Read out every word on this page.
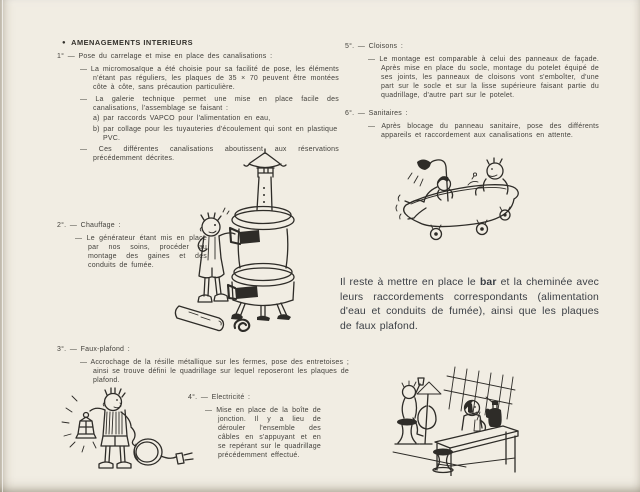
● AMENAGEMENTS INTERIEURS
1° — Pose du carrelage et mise en place des canalisations :

— La micromosaïque a été choisie pour sa facilité de pose, les éléments n'étant pas réguliers, les plaques de 35 × 70 peuvent être montées côte à côte, sans précaution particulière.

— La galerie technique permet une mise en place facile des canalisations, l'assemblage se faisant :

a) par raccords VAPCO pour l'alimentation en eau,

b) par collage pour les tuyauteries d'écoulement qui sont en plastique PVC.

— Ces différentes canalisations aboutissent aux réservations précédemment décrites.

2°. — Chauffage :

— Le générateur étant mis en place par nos soins, procéder au montage des gaines et des conduits de fumée.

3°. — Faux-plafond :

— Accrochage de la résille métallique sur les fermes, pose des entretoises ; ainsi se trouve défini le quadrillage sur lequel reposeront les plaques de plafond.

4°. — Electricité :

— Mise en place de la boîte de jonction. Il y a lieu de dérouler l'ensemble des câbles en s'appuyant et en se repérant sur le quadrillage précédemment effectué.

5°. — Cloisons :

— Le montage est comparable à celui des panneaux de façade. Après mise en place du socle, montage du potelet équipé de ses joints, les panneaux de cloisons vont s'emboîter, d'une part sur le socle et sur la lisse supérieure faisant partie du quadrillage, d'autre part sur le potelet.

6°. — Sanitaires :

— Après blocage du panneau sanitaire, pose des différents appareils et raccordement aux canalisations en attente.

Il reste à mettre en place le bar et la cheminée avec leurs raccordements correspondants (alimentation d'eau et conduits de fumée), ainsi que les plaques de faux plafond.
